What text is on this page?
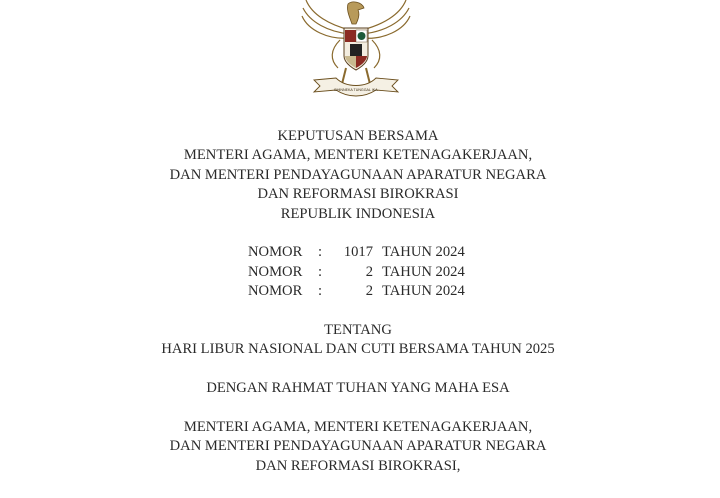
BHINNEKA TUNGGAL IKA
KEPUTUSAN BERSAMA
MENTERI AGAMA, MENTERI KETENAGAKERJAAN,
DAN MENTERI PENDAYAGUNAAN APARATUR NEGARA
DAN REFORMASI BIROKRASI
REPUBLIK INDONESIA
NOMOR : 1017 TAHUN 2024
NOMOR :	2 TAHUN 2024
NOMOR :	2 TAHUN 2024
TENTANG
HARI LIBUR NASIONAL DAN CUTI BERSAMA TAHUN 2025
DENGAN RAHMAT TUHAN YANG MAHA ESA
MENTERI AGAMA, MENTERI KETENAGAKERJAAN,
DAN MENTERI PENDAYAGUNAAN APARATUR NEGARA
DAN REFORMASI BIROKRASI,
